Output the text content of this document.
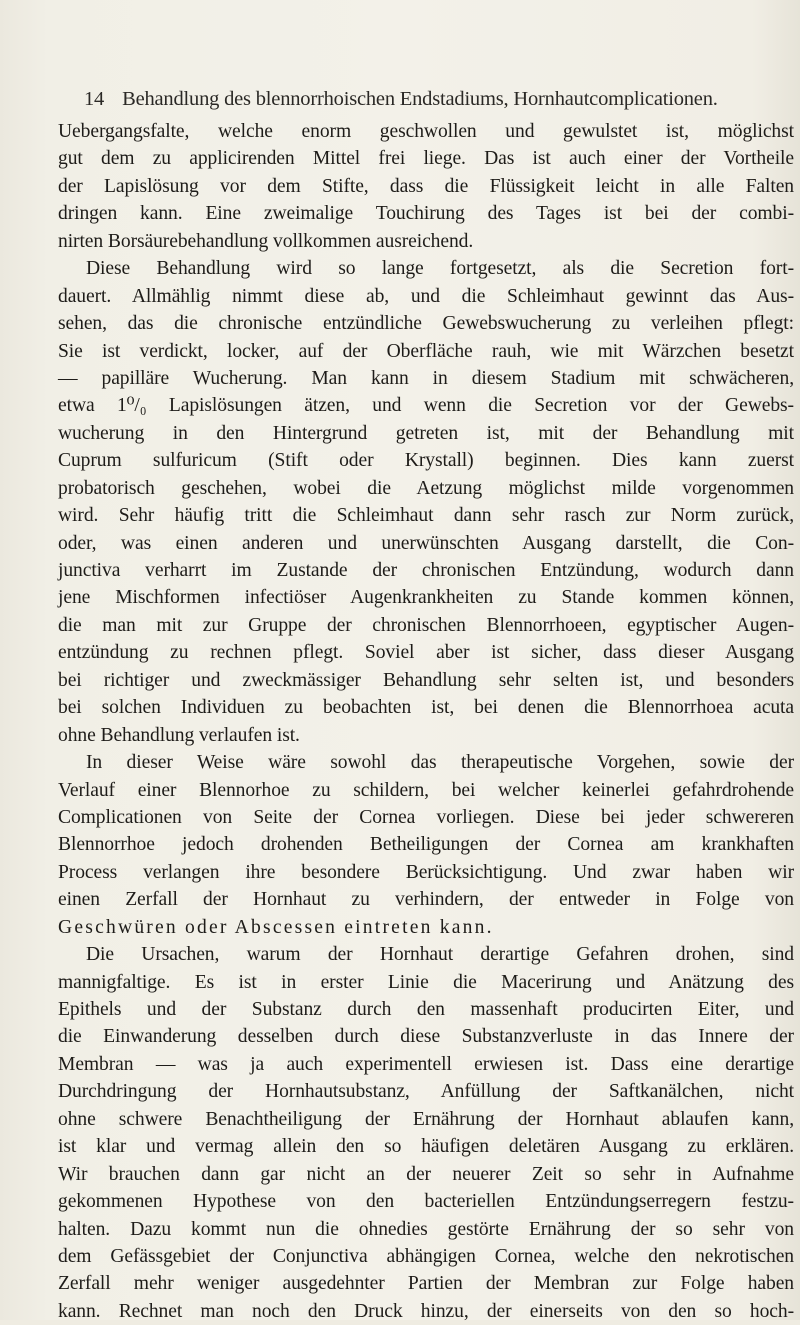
14 Behandlung des blennorrhoischen Endstadiums, Hornhautcomplicationen.
Uebergangsfalte, welche enorm geschwollen und gewulstet ist, möglichst
gut dem zu applicirenden Mittel frei liege. Das ist auch einer der Vortheile
der Lapislösung vor dem Stifte, dass die Flüssigkeit leicht in alle Falten
dringen kann. Eine zweimalige Touchirung des Tages ist bei der combi-
nirten Borsäurebehandlung vollkommen ausreichend.
Diese Behandlung wird so lange fortgesetzt, als die Secretion fort-
dauert. Allmählig nimmt diese ab, und die Schleimhaut gewinnt das Aus-
sehen, das die chronische entzündliche Gewebswucherung zu verleihen pflegt:
Sie ist verdickt, locker, auf der Oberfläche rauh, wie mit Wärzchen besetzt
— papilläre Wucherung. Man kann in diesem Stadium mit schwächeren,
etwa 1⁰/₀ Lapislösungen ätzen, und wenn die Secretion vor der Gewebs-
wucherung in den Hintergrund getreten ist, mit der Behandlung mit
Cuprum sulfuricum (Stift oder Krystall) beginnen. Dies kann zuerst
probatorisch geschehen, wobei die Aetzung möglichst milde vorgenommen
wird. Sehr häufig tritt die Schleimhaut dann sehr rasch zur Norm zurück,
oder, was einen anderen und unerwünschten Ausgang darstellt, die Con-
junctiva verharrt im Zustande der chronischen Entzündung, wodurch dann
jene Mischformen infectiöser Augenkrankheiten zu Stande kommen können,
die man mit zur Gruppe der chronischen Blennorrhoeen, egyptischer Augen-
entzündung zu rechnen pflegt. Soviel aber ist sicher, dass dieser Ausgang
bei richtiger und zweckmässiger Behandlung sehr selten ist, und besonders
bei solchen Individuen zu beobachten ist, bei denen die Blennorrhoea acuta
ohne Behandlung verlaufen ist.
In dieser Weise wäre sowohl das therapeutische Vorgehen, sowie der
Verlauf einer Blennorhoe zu schildern, bei welcher keinerlei gefahrdrohende
Complicationen von Seite der Cornea vorliegen. Diese bei jeder schwereren
Blennorrhoe jedoch drohenden Betheiligungen der Cornea am krankhaften
Process verlangen ihre besondere Berücksichtigung. Und zwar haben wir
einen Zerfall der Hornhaut zu verhindern, der entweder in Folge von
Geschwüren oder Abscessen eintreten kann.
Die Ursachen, warum der Hornhaut derartige Gefahren drohen, sind
mannigfaltige. Es ist in erster Linie die Macerirung und Anätzung des
Epithels und der Substanz durch den massenhaft producirten Eiter, und
die Einwanderung desselben durch diese Substanzverluste in das Innere der
Membran — was ja auch experimentell erwiesen ist. Dass eine derartige
Durchdringung der Hornhautsubstanz, Anfüllung der Saftkanälchen, nicht
ohne schwere Benachtheiligung der Ernährung der Hornhaut ablaufen kann,
ist klar und vermag allein den so häufigen deletären Ausgang zu erklären.
Wir brauchen dann gar nicht an der neuerer Zeit so sehr in Aufnahme
gekommenen Hypothese von den bacteriellen Entzündungserregern festzu-
halten. Dazu kommt nun die ohnedies gestörte Ernährung der so sehr von
dem Gefässgebiet der Conjunctiva abhängigen Cornea, welche den nekrotischen
Zerfall mehr weniger ausgedehnter Partien der Membran zur Folge haben
kann. Rechnet man noch den Druck hinzu, der einerseits von den so hoch-
